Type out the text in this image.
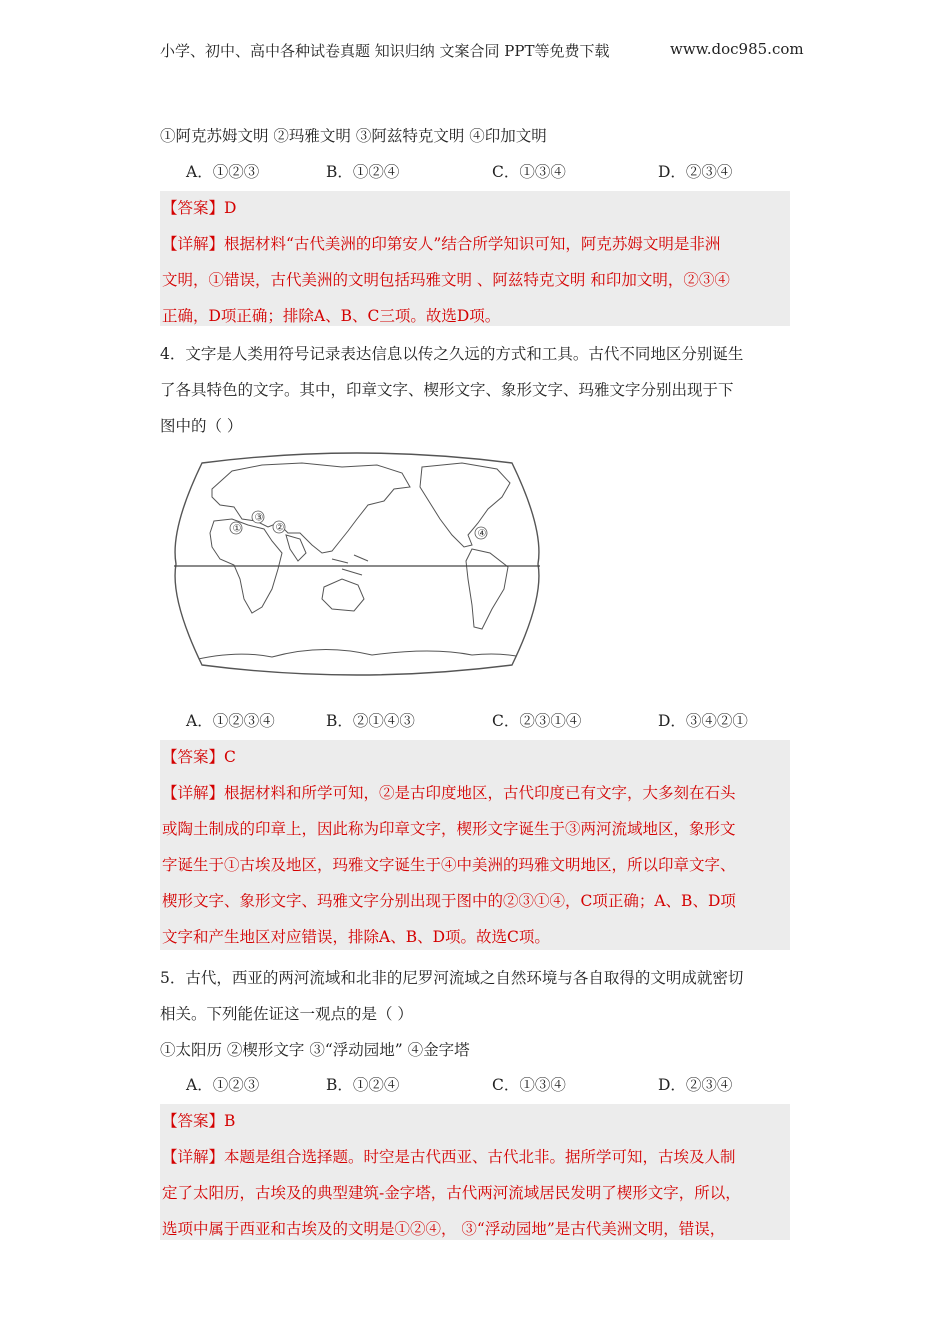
小学、初中、高中各种试卷真题 知识归纳 文案合同 PPT等免费下载	www.doc985.com
①阿克苏姆文明 ②玛雅文明 ③阿兹特克文明 ④印加文明
A．①②③	B．①②④	C．①③④	D．②③④
【答案】D
【详解】根据材料“古代美洲的印第安人”结合所学知识可知，阿克苏姆文明是非洲
文明，①错误，古代美洲的文明包括玛雅文明 、阿兹特克文明 和印加文明，②③④
正确，D项正确；排除A、B、C三项。故选D项。
4．文字是人类用符号记录表达信息以传之久远的方式和工具。古代不同地区分别诞生
了各具特色的文字。其中，印章文字、楔形文字、象形文字、玛雅文字分别出现于下
图中的（ ）
①
③
②
④
A．①②③④	B．②①④③	C．②③①④	D．③④②①
【答案】C
【详解】根据材料和所学可知，②是古印度地区，古代印度已有文字，大多刻在石头
或陶土制成的印章上，因此称为印章文字，楔形文字诞生于③两河流域地区，象形文
字诞生于①古埃及地区，玛雅文字诞生于④中美洲的玛雅文明地区，所以印章文字、
楔形文字、象形文字、玛雅文字分别出现于图中的②③①④，C项正确；A、B、D项
文字和产生地区对应错误，排除A、B、D项。故选C项。
5．古代，西亚的两河流域和北非的尼罗河流域之自然环境与各自取得的文明成就密切
相关。下列能佐证这一观点的是（ ）
①太阳历 ②楔形文字 ③“浮动园地” ④金字塔
A．①②③	B．①②④	C．①③④	D．②③④
【答案】B
【详解】本题是组合选择题。时空是古代西亚、古代北非。据所学可知，古埃及人制
定了太阳历，古埃及的典型建筑-金字塔，古代两河流域居民发明了楔形文字，所以，
选项中属于西亚和古埃及的文明是①②④， ③“浮动园地”是古代美洲文明，错误，
